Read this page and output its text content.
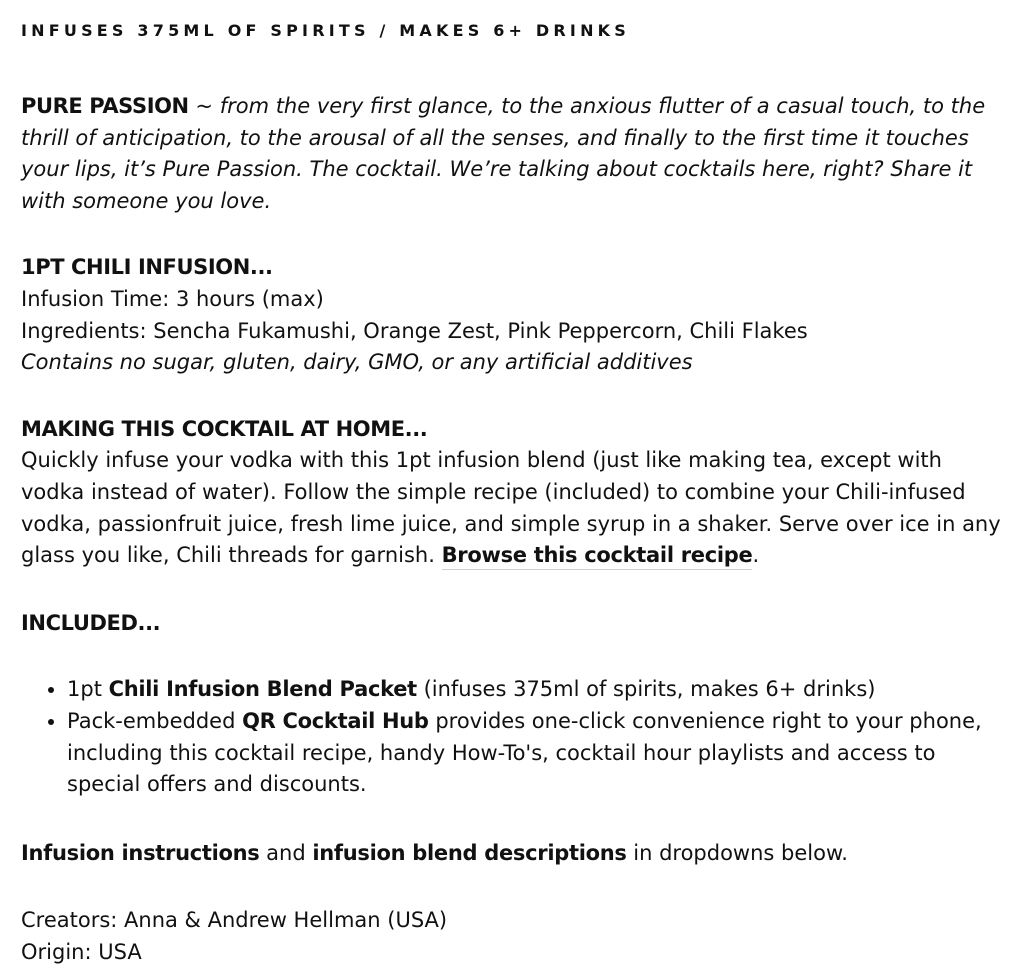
INFUSES 375ML OF SPIRITS / MAKES 6+ DRINKS

PURE PASSION ~ from the very first glance, to the anxious flutter of a casual touch, to the thrill of anticipation, to the arousal of all the senses, and finally to the first time it touches your lips, it’s Pure Passion. The cocktail. We’re talking about cocktails here, right? Share it with someone you love.

1PT CHILI INFUSION...

Infusion Time: 3 hours (max)

Ingredients: Sencha Fukamushi, Orange Zest, Pink Peppercorn, Chili Flakes

Contains no sugar, gluten, dairy, GMO, or any artificial additives

MAKING THIS COCKTAIL AT HOME...

Quickly infuse your vodka with this 1pt infusion blend (just like making tea, except with vodka instead of water). Follow the simple recipe (included) to combine your Chili-infused vodka, passionfruit juice, fresh lime juice, and simple syrup in a shaker. Serve over ice in any glass you like, Chili threads for garnish. Browse this cocktail recipe.

INCLUDED...

• 1pt Chili Infusion Blend Packet (infuses 375ml of spirits, makes 6+ drinks)
• Pack-embedded QR Cocktail Hub provides one-click convenience right to your phone, including this cocktail recipe, handy How-To's, cocktail hour playlists and access to special offers and discounts.

Infusion instructions and infusion blend descriptions in dropdowns below.

Creators: Anna & Andrew Hellman (USA)

Origin: USA
